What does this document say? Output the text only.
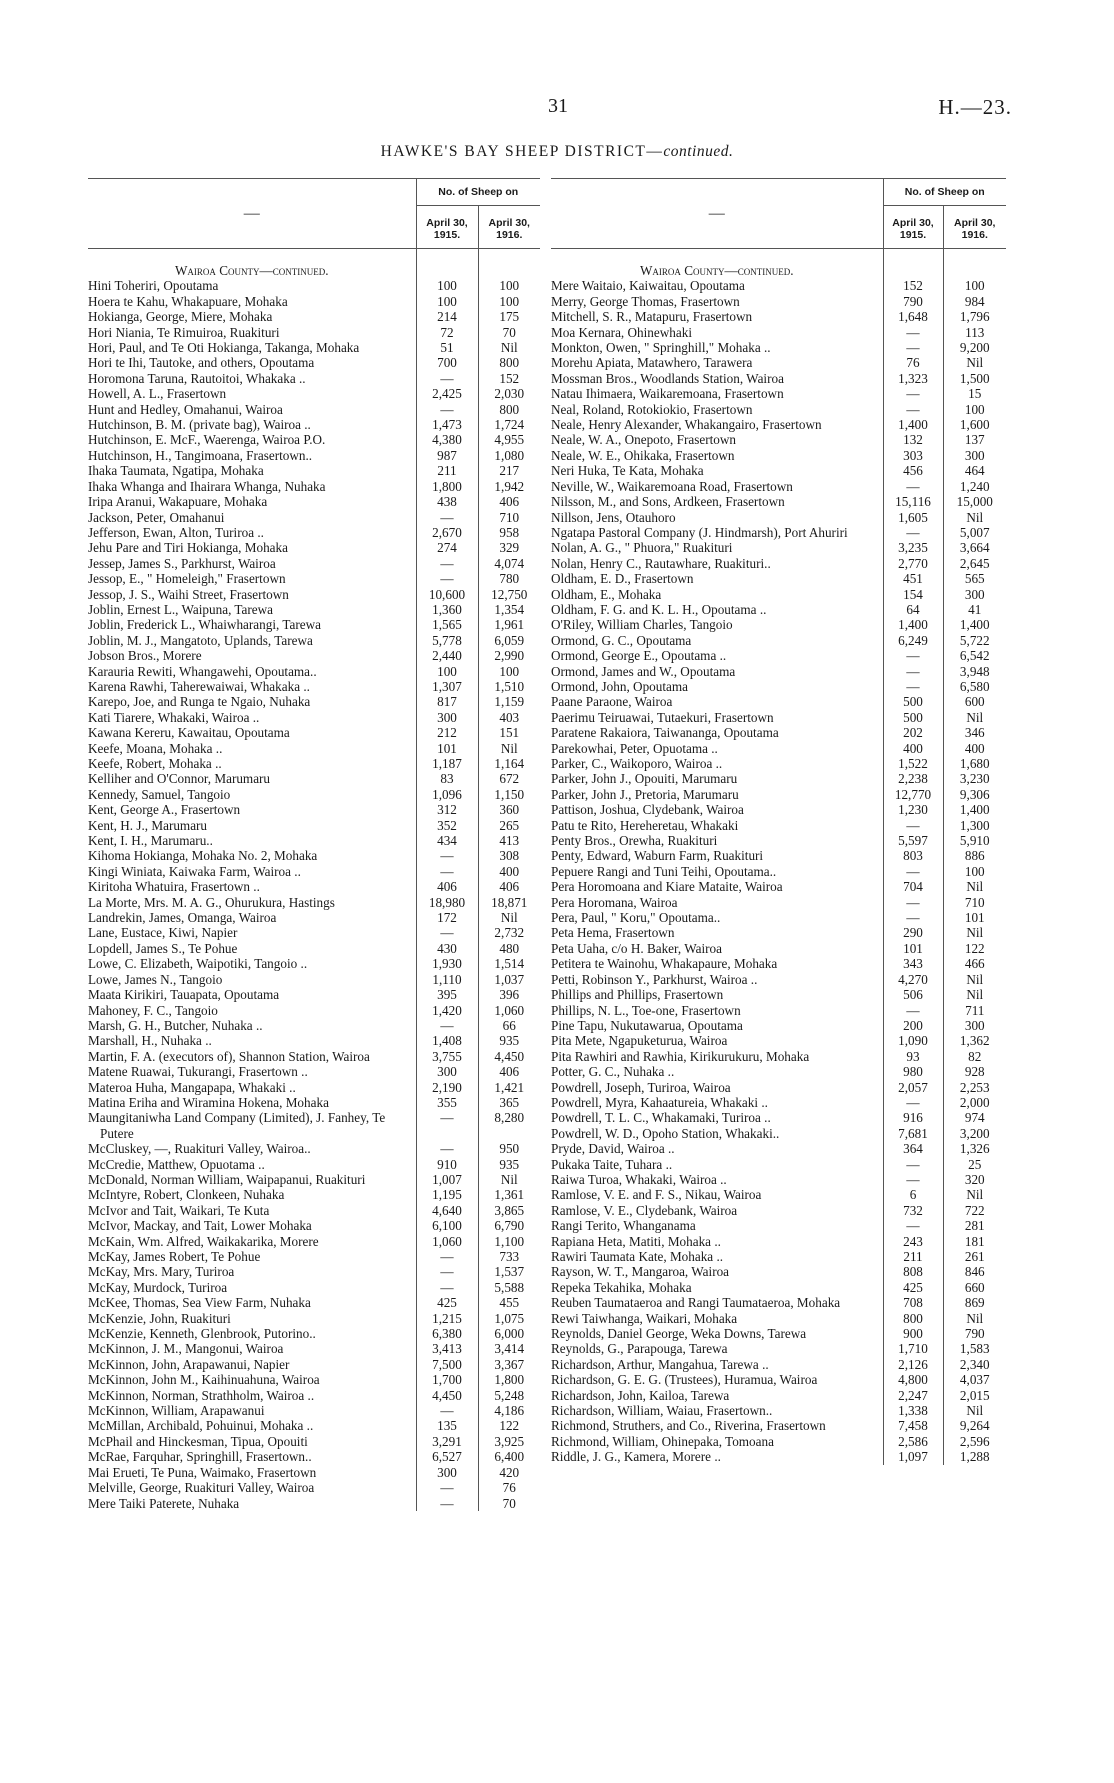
31	H.—23.
HAWKE'S BAY SHEEP DISTRICT—continued.
—	No. of Sheep on	
	April 30, 1915.	April 30, 1916.
Wairoa County—continued.		

Hini Toheriri, Opoutama	100	100

Hoera te Kahu, Whakapuare, Mohaka	100	100

Hokianga, George, Miere, Mohaka	214	175

Hori Niania, Te Rimuiroa, Ruakituri	72	70

Hori, Paul, and Te Oti Hokianga, Takanga, Mohaka	51	Nil

Hori te Ihi, Tautoke, and others, Opoutama	700	800

Horomona Taruna, Rautoitoi, Whakaka ..	—	152

Howell, A. L., Frasertown	2,425	2,030

Hunt and Hedley, Omahanui, Wairoa	—	800

Hutchinson, B. M. (private bag), Wairoa ..	1,473	1,724

Hutchinson, E. McF., Waerenga, Wairoa P.O.	4,380	4,955

Hutchinson, H., Tangimoana, Frasertown..	987	1,080

Ihaka Taumata, Ngatipa, Mohaka	211	217

Ihaka Whanga and Ihairara Whanga, Nuhaka	1,800	1,942

Iripa Aranui, Wakapuare, Mohaka	438	406

Jackson, Peter, Omahanui	—	710

Jefferson, Ewan, Alton, Turiroa ..	2,670	958

Jehu Pare and Tiri Hokianga, Mohaka	274	329

Jessep, James S., Parkhurst, Wairoa	—	4,074

Jessop, E., " Homeleigh," Frasertown	—	780

Jessop, J. S., Waihi Street, Frasertown	10,600	12,750

Joblin, Ernest L., Waipuna, Tarewa	1,360	1,354

Joblin, Frederick L., Whaiwharangi, Tarewa	1,565	1,961

Joblin, M. J., Mangatoto, Uplands, Tarewa	5,778	6,059

Jobson Bros., Morere	2,440	2,990

Karauria Rewiti, Whangawehi, Opoutama..	100	100

Karena Rawhi, Taherewaiwai, Whakaka ..	1,307	1,510

Karepo, Joe, and Runga te Ngaio, Nuhaka	817	1,159

Kati Tiarere, Whakaki, Wairoa ..	300	403

Kawana Kereru, Kawaitau, Opoutama	212	151

Keefe, Moana, Mohaka ..	101	Nil

Keefe, Robert, Mohaka ..	1,187	1,164

Kelliher and O'Connor, Marumaru	83	672

Kennedy, Samuel, Tangoio	1,096	1,150

Kent, George A., Frasertown	312	360

Kent, H. J., Marumaru	352	265

Kent, I. H., Marumaru..	434	413

Kihoma Hokianga, Mohaka No. 2, Mohaka	—	308

Kingi Winiata, Kaiwaka Farm, Wairoa ..	—	400

Kiritoha Whatuira, Frasertown ..	406	406

La Morte, Mrs. M. A. G., Ohurukura, Hastings	18,980	18,871

Landrekin, James, Omanga, Wairoa	172	Nil

Lane, Eustace, Kiwi, Napier	—	2,732

Lopdell, James S., Te Pohue	430	480

Lowe, C. Elizabeth, Waipotiki, Tangoio ..	1,930	1,514

Lowe, James N., Tangoio	1,110	1,037

Maata Kirikiri, Tauapata, Opoutama	395	396

Mahoney, F. C., Tangoio	1,420	1,060

Marsh, G. H., Butcher, Nuhaka ..	—	66

Marshall, H., Nuhaka ..	1,408	935

Martin, F. A. (executors of), Shannon Station, Wairoa	3,755	4,450

Matene Ruawai, Tukurangi, Frasertown ..	300	406

Materoa Huha, Mangapapa, Whakaki ..	2,190	1,421

Matina Eriha and Wiramina Hokena, Mohaka	355	365

Maungitaniwha Land Company (Limited), J. Fanhey, Te Putere	—	8,280

McCluskey, —, Ruakituri Valley, Wairoa..	—	950

McCredie, Matthew, Opuotama ..	910	935

McDonald, Norman William, Waipapanui, Ruakituri	1,007	Nil

McIntyre, Robert, Clonkeen, Nuhaka	1,195	1,361

McIvor and Tait, Waikari, Te Kuta	4,640	3,865

McIvor, Mackay, and Tait, Lower Mohaka	6,100	6,790

McKain, Wm. Alfred, Waikakarika, Morere	1,060	1,100

McKay, James Robert, Te Pohue	—	733

McKay, Mrs. Mary, Turiroa	—	1,537

McKay, Murdock, Turiroa	—	5,588

McKee, Thomas, Sea View Farm, Nuhaka	425	455

McKenzie, John, Ruakituri	1,215	1,075

McKenzie, Kenneth, Glenbrook, Putorino..	6,380	6,000

McKinnon, J. M., Mangonui, Wairoa	3,413	3,414

McKinnon, John, Arapawanui, Napier	7,500	3,367

McKinnon, John M., Kaihinuahuna, Wairoa	1,700	1,800

McKinnon, Norman, Strathholm, Wairoa ..	4,450	5,248

McKinnon, William, Arapawanui	—	4,186

McMillan, Archibald, Pohuinui, Mohaka ..	135	122

McPhail and Hinckesman, Tipua, Opouiti	3,291	3,925

McRae, Farquhar, Springhill, Frasertown..	6,527	6,400

Mai Erueti, Te Puna, Waimako, Frasertown	300	420

Melville, George, Ruakituri Valley, Wairoa	—	76

Mere Taiki Paterete, Nuhaka	—	70
—	No. of Sheep on	
	April 30, 1915.	April 30, 1916.
Wairoa County—continued.		

Mere Waitaio, Kaiwaitau, Opoutama	152	100

Merry, George Thomas, Frasertown	790	984

Mitchell, S. R., Matapuru, Frasertown	1,648	1,796

Moa Kernara, Ohinewhaki	—	113

Monkton, Owen, " Springhill," Mohaka ..	—	9,200

Morehu Apiata, Matawhero, Tarawera	76	Nil

Mossman Bros., Woodlands Station, Wairoa	1,323	1,500

Natau Ihimaera, Waikaremoana, Frasertown	—	15

Neal, Roland, Rotokiokio, Frasertown	—	100

Neale, Henry Alexander, Whakangairo, Frasertown	1,400	1,600

Neale, W. A., Onepoto, Frasertown	132	137

Neale, W. E., Ohikaka, Frasertown	303	300

Neri Huka, Te Kata, Mohaka	456	464

Neville, W., Waikaremoana Road, Frasertown	—	1,240

Nilsson, M., and Sons, Ardkeen, Frasertown	15,116	15,000

Nillson, Jens, Otauhoro	1,605	Nil

Ngatapa Pastoral Company (J. Hindmarsh), Port Ahuriri	—	5,007

Nolan, A. G., " Phuora," Ruakituri	3,235	3,664

Nolan, Henry C., Rautawhare, Ruakituri..	2,770	2,645

Oldham, E. D., Frasertown	451	565

Oldham, E., Mohaka	154	300

Oldham, F. G. and K. L. H., Opoutama ..	64	41

O'Riley, William Charles, Tangoio	1,400	1,400

Ormond, G. C., Opoutama	6,249	5,722

Ormond, George E., Opoutama ..	—	6,542

Ormond, James and W., Opoutama	—	3,948

Ormond, John, Opoutama	—	6,580

Paane Paraone, Wairoa	500	600

Paerimu Teiruawai, Tutaekuri, Frasertown	500	Nil

Paratene Rakaiora, Taiwananga, Opoutama	202	346

Parekowhai, Peter, Opuotama ..	400	400

Parker, C., Waikoporo, Wairoa ..	1,522	1,680

Parker, John J., Opouiti, Marumaru	2,238	3,230

Parker, John J., Pretoria, Marumaru	12,770	9,306

Pattison, Joshua, Clydebank, Wairoa	1,230	1,400

Patu te Rito, Hereheretau, Whakaki	—	1,300

Penty Bros., Orewha, Ruakituri	5,597	5,910

Penty, Edward, Waburn Farm, Ruakituri	803	886

Pepuere Rangi and Tuni Teihi, Opoutama..	—	100

Pera Horomoana and Kiare Mataite, Wairoa	704	Nil

Pera Horomana, Wairoa	—	710

Pera, Paul, " Koru," Opoutama..	—	101

Peta Hema, Frasertown	290	Nil

Peta Uaha, c/o H. Baker, Wairoa	101	122

Petitera te Wainohu, Whakapaure, Mohaka	343	466

Petti, Robinson Y., Parkhurst, Wairoa ..	4,270	Nil

Phillips and Phillips, Frasertown	506	Nil

Phillips, N. L., Toe-one, Frasertown	—	711

Pine Tapu, Nukutawarua, Opoutama	200	300

Pita Mete, Ngapuketurua, Wairoa	1,090	1,362

Pita Rawhiri and Rawhia, Kirikurukuru, Mohaka	93	82

Potter, G. C., Nuhaka ..	980	928

Powdrell, Joseph, Turiroa, Wairoa	2,057	2,253

Powdrell, Myra, Kahaatureia, Whakaki ..	—	2,000

Powdrell, T. L. C., Whakamaki, Turiroa ..	916	974

Powdrell, W. D., Opoho Station, Whakaki..	7,681	3,200

Pryde, David, Wairoa ..	364	1,326

Pukaka Taite, Tuhara ..	—	25

Raiwa Turoa, Whakaki, Wairoa ..	—	320

Ramlose, V. E. and F. S., Nikau, Wairoa	6	Nil

Ramlose, V. E., Clydebank, Wairoa	732	722

Rangi Terito, Whanganama	—	281

Rapiana Heta, Matiti, Mohaka ..	243	181

Rawiri Taumata Kate, Mohaka ..	211	261

Rayson, W. T., Mangaroa, Wairoa	808	846

Repeka Tekahika, Mohaka	425	660

Reuben Taumataeroa and Rangi Taumataeroa, Mohaka	708	869

Rewi Taiwhanga, Waikari, Mohaka	800	Nil

Reynolds, Daniel George, Weka Downs, Tarewa	900	790

Reynolds, G., Parapouga, Tarewa	1,710	1,583

Richardson, Arthur, Mangahua, Tarewa ..	2,126	2,340

Richardson, G. E. G. (Trustees), Huramua, Wairoa	4,800	4,037

Richardson, John, Kailoa, Tarewa	2,247	2,015

Richardson, William, Waiau, Frasertown..	1,338	Nil

Richmond, Struthers, and Co., Riverina, Frasertown	7,458	9,264

Richmond, William, Ohinepaka, Tomoana	2,586	2,596

Riddle, J. G., Kamera, Morere ..	1,097	1,288
